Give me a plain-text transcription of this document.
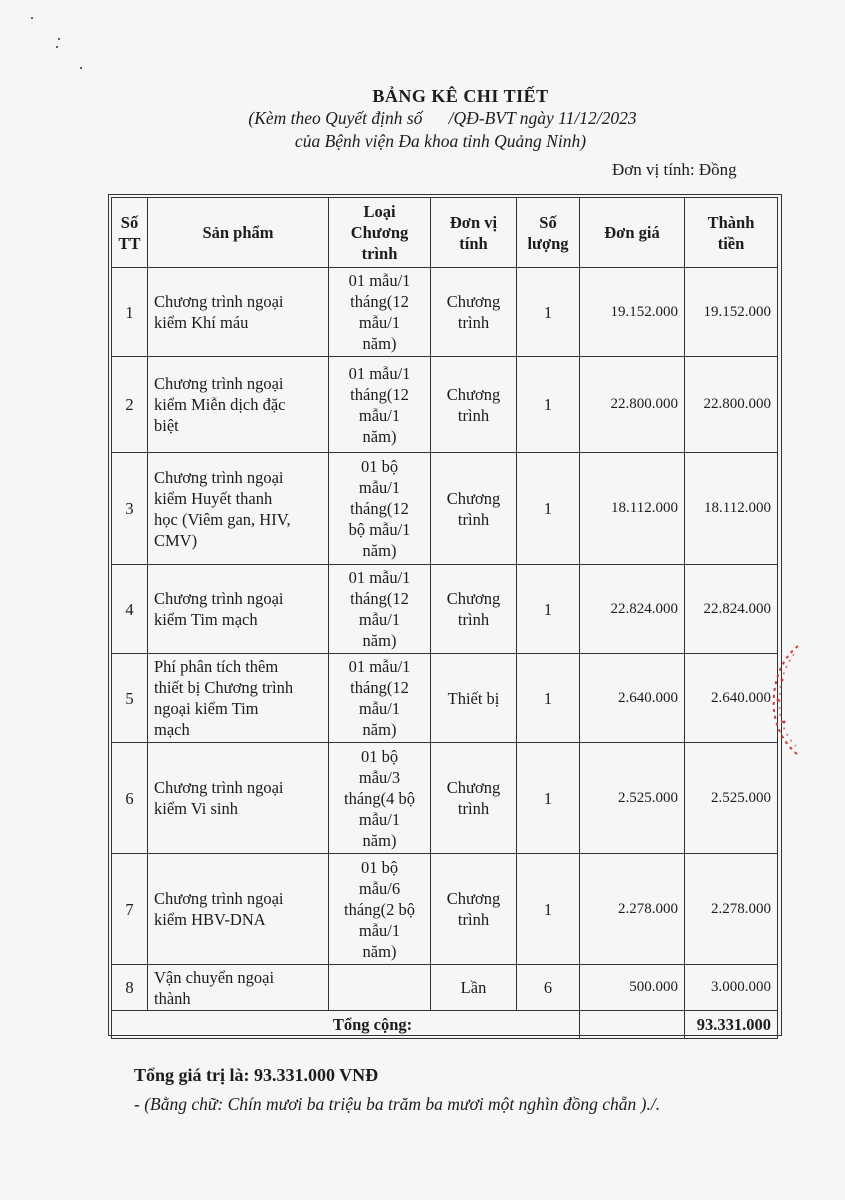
BẢNG KÊ CHI TIẾT
(Kèm theo Quyết định số      /QĐ-BVT ngày 11/12/2023
của Bệnh viện Đa khoa tỉnh Quảng Ninh)
Đơn vị tính: Đồng
Số
TT	Sản phẩm	Loại
Chương
trình	Đơn vị
tính	Số
lượng	Đơn giá	Thành
tiền
1	Chương trình ngoại
kiểm Khí máu	01 mẫu/1
tháng(12
mẫu/1
năm)	Chương
trình	1	19.152.000	19.152.000
2	Chương trình ngoại
kiểm Miễn dịch đặc
biệt	01 mẫu/1
tháng(12
mẫu/1
năm)	Chương
trình	1	22.800.000	22.800.000
3	Chương trình ngoại
kiểm Huyết thanh
học (Viêm gan, HIV,
CMV)	01 bộ
mẫu/1
tháng(12
bộ mẫu/1
năm)	Chương
trình	1	18.112.000	18.112.000
4	Chương trình ngoại
kiểm Tim mạch	01 mẫu/1
tháng(12
mẫu/1
năm)	Chương
trình	1	22.824.000	22.824.000
5	Phí phân tích thêm
thiết bị Chương trình
ngoại kiểm Tim
mạch	01 mẫu/1
tháng(12
mẫu/1
năm)	Thiết bị	1	2.640.000	2.640.000
6	Chương trình ngoại
kiểm Vi sinh	01 bộ
mẫu/3
tháng(4 bộ
mẫu/1
năm)	Chương
trình	1	2.525.000	2.525.000
7	Chương trình ngoại
kiểm HBV-DNA	01 bộ
mẫu/6
tháng(2 bộ
mẫu/1
năm)	Chương
trình	1	2.278.000	2.278.000
8	Vận chuyển ngoại
thành		Lần	6	500.000	3.000.000
Tổng cộng:						93.331.000
Tổng giá trị là: 93.331.000 VNĐ
- (Bằng chữ: Chín mươi ba triệu ba trăm ba mươi một nghìn đồng chẵn )./.
